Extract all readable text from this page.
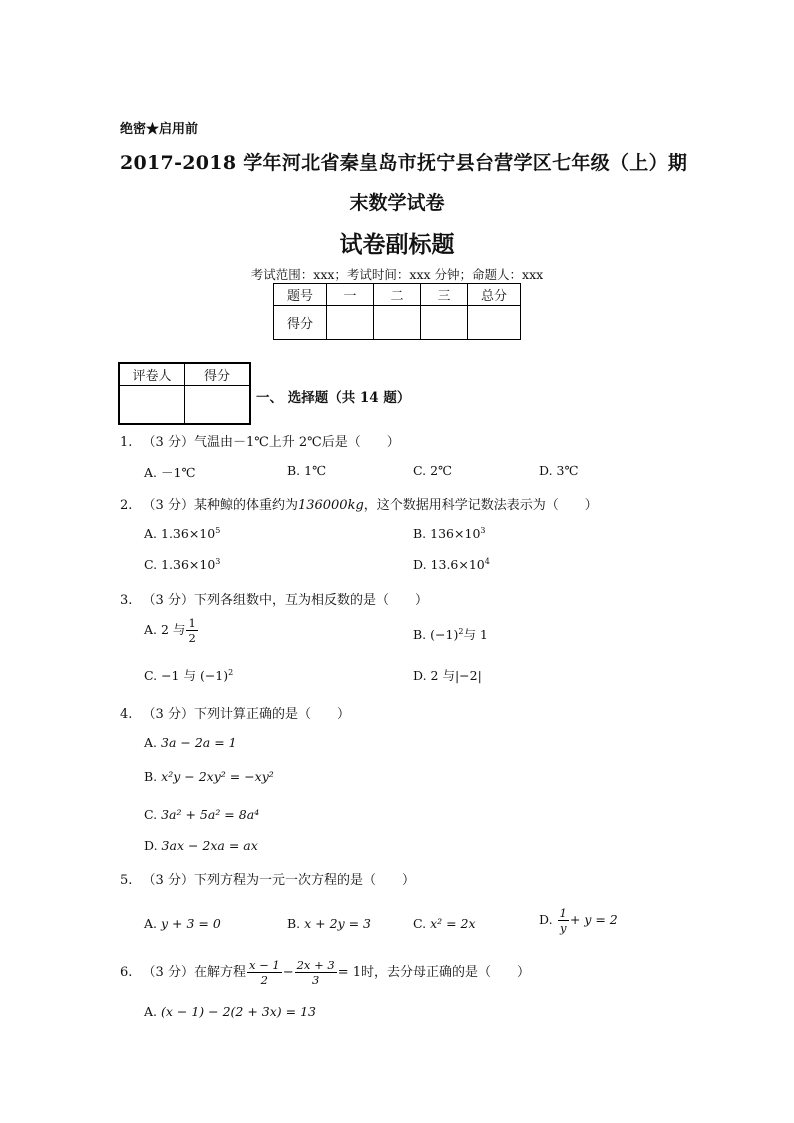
绝密★启用前
2017-2018 学年河北省秦皇岛市抚宁县台营学区七年级（上）期
末数学试卷
试卷副标题
考试范围：xxx；考试时间：xxx 分钟；命题人：xxx
题号	一	二	三	总分
得分				
评卷人	得分

一、 选择题（共 14 题）
1. （3 分）气温由－1℃上升 2℃后是（　　）
A. －1℃	B. 1℃	C. 2℃	D. 3℃
2. （3 分）某种鲸的体重约为136000kg，这个数据用科学记数法表示为（　　）
A. $1.36\times 10^5$	B. $136\times 10^3$
C. $1.36\times 10^3$	D. $13.6\times 10^4$
3. （3 分）下列各组数中，互为相反数的是（　　）
A. 2 与 $\frac{1}{2}$	B. $(-1)^2$与 1
C. −1 与 $(-1)^2$	D. 2 与|−2|
4. （3 分）下列计算正确的是（　　）
A. 3a − 2a = 1
B. x²y − 2xy² = −xy²
C. 3a² + 5a² = 8a⁴
D. 3ax − 2xa = ax
5. （3 分）下列方程为一元一次方程的是（　　）
A. y + 3 = 0	B. x + 2y = 3	C. x² = 2x	D. $\frac{1}{y} + y = 2$
6. （3 分）在解方程 $\frac{x - 1}{2} - \frac{2x + 3}{3} = 1$时，去分母正确的是（　　）
A. (x − 1) − 2(2 + 3x) = 13
